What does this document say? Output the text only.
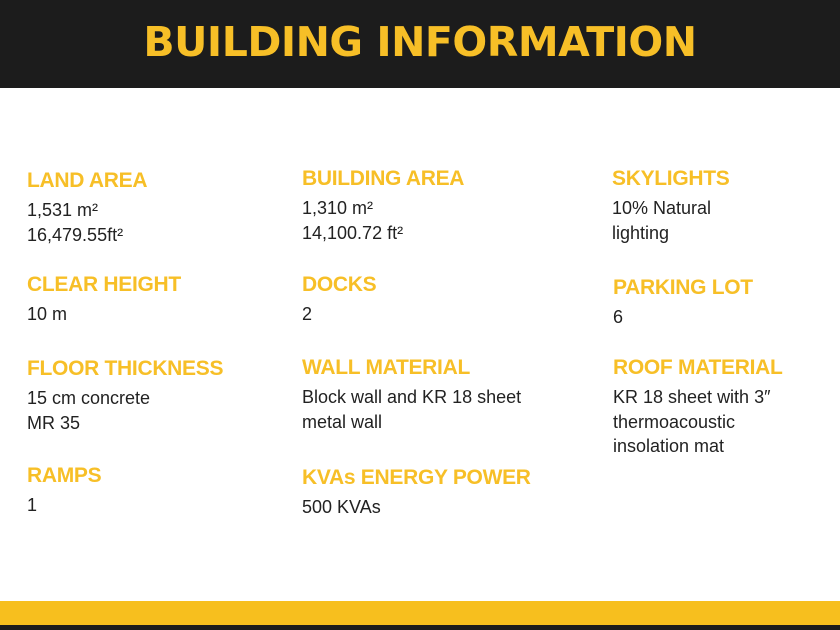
BUILDING INFORMATION
LAND AREA
1,531 m²
16,479.55ft²
BUILDING AREA
1,310 m²
14,100.72 ft²
SKYLIGHTS
10% Natural
lighting
CLEAR HEIGHT
10 m
DOCKS
2
PARKING LOT
6
FLOOR THICKNESS
15 cm concrete
MR 35
WALL MATERIAL
Block wall and KR 18 sheet
metal wall
ROOF MATERIAL
KR 18 sheet with 3″
thermoacoustic
insolation mat
RAMPS
1
KVAs ENERGY POWER
500 KVAs
